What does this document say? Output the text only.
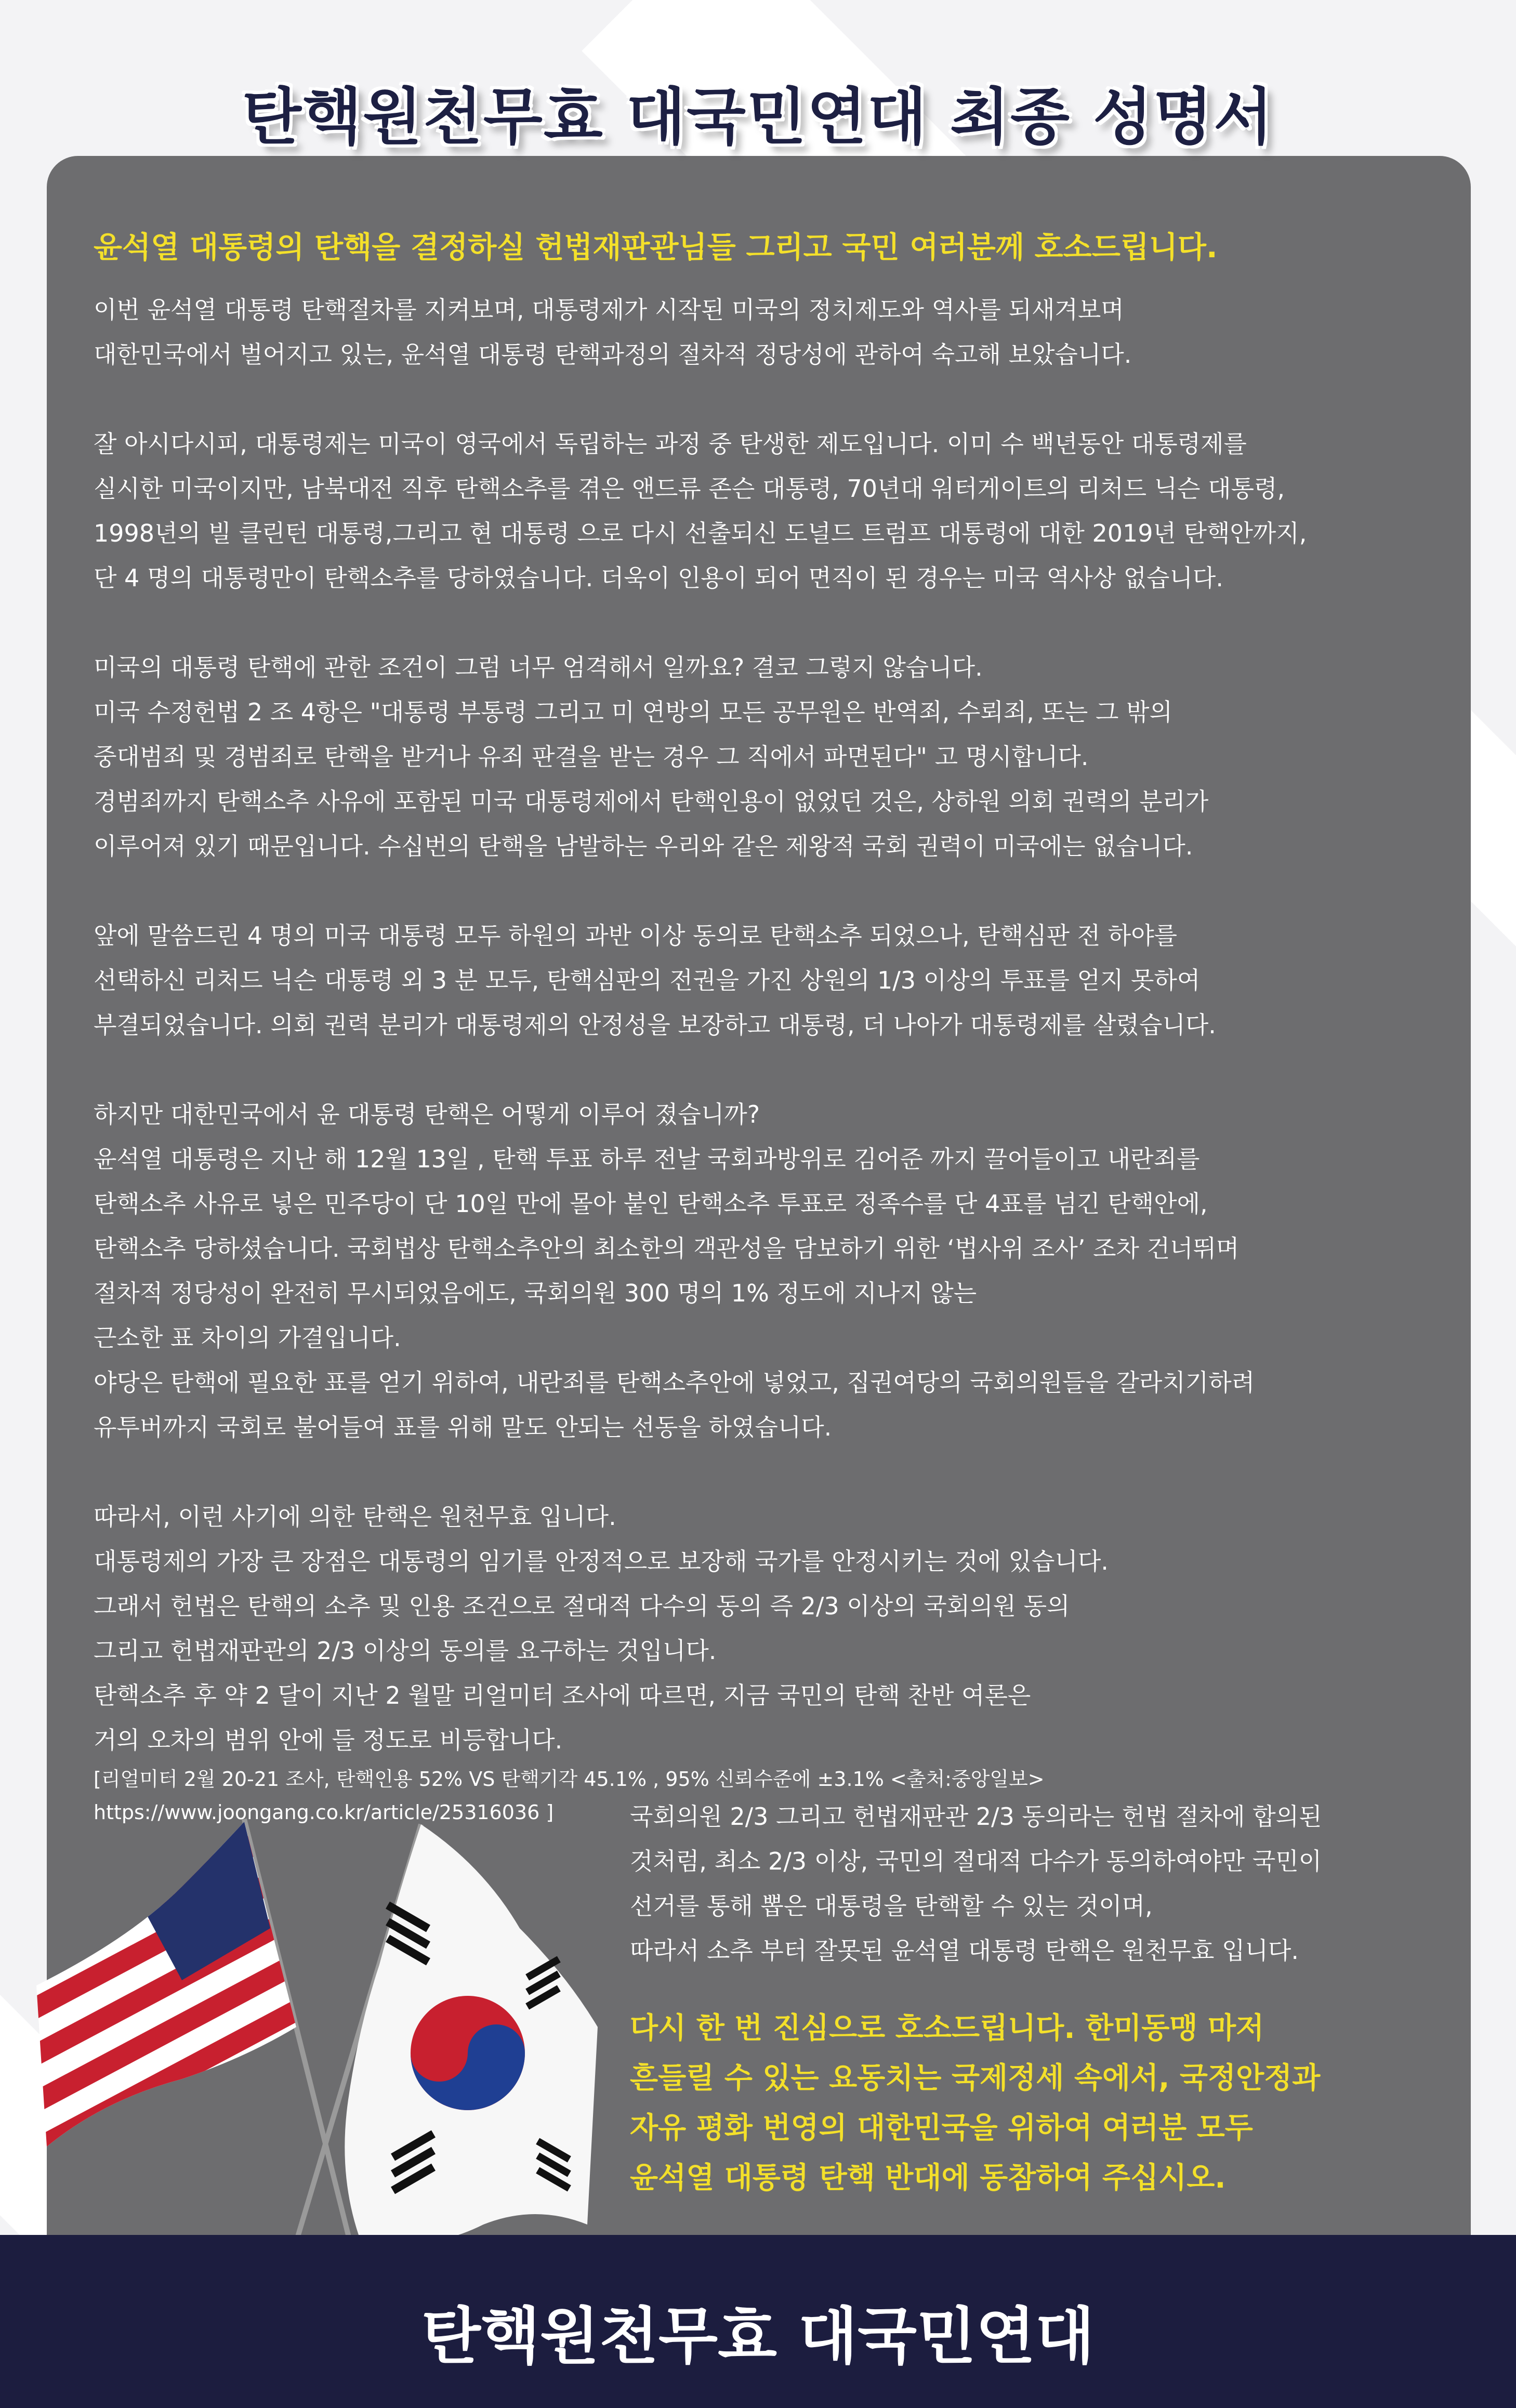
탄핵원천무효 대국민연대 최종 성명서
윤석열 대통령의 탄핵을 결정하실 헌법재판관님들 그리고 국민 여러분께 호소드립니다.

이번 윤석열 대통령 탄핵절차를 지켜보며, 대통령제가 시작된 미국의 정치제도와 역사를 되새겨보며
대한민국에서 벌어지고 있는, 윤석열 대통령 탄핵과정의 절차적 정당성에 관하여 숙고해 보았습니다.

잘 아시다시피, 대통령제는 미국이 영국에서 독립하는 과정 중 탄생한 제도입니다. 이미 수 백년동안 대통령제를
실시한 미국이지만, 남북대전 직후 탄핵소추를 겪은 앤드류 존슨 대통령, 70년대 워터게이트의 리처드 닉슨 대통령,
1998년의 빌 클린턴 대통령,그리고 현 대통령 으로 다시 선출되신 도널드 트럼프 대통령에 대한 2019년 탄핵안까지,
단 4 명의 대통령만이 탄핵소추를 당하였습니다. 더욱이 인용이 되어 면직이 된 경우는 미국 역사상 없습니다.

미국의 대통령 탄핵에 관한 조건이 그럼 너무 엄격해서 일까요? 결코 그렇지 않습니다.
미국 수정헌법 2 조 4항은 "대통령 부통령 그리고 미 연방의 모든 공무원은 반역죄, 수뢰죄, 또는 그 밖의
중대범죄 및 경범죄로 탄핵을 받거나 유죄 판결을 받는 경우 그 직에서 파면된다" 고 명시합니다.
경범죄까지 탄핵소추 사유에 포함된 미국 대통령제에서 탄핵인용이 없었던 것은, 상하원 의회 권력의 분리가
이루어져 있기 때문입니다. 수십번의 탄핵을 남발하는 우리와 같은 제왕적 국회 권력이 미국에는 없습니다.

앞에 말씀드린 4 명의 미국 대통령 모두 하원의 과반 이상 동의로 탄핵소추 되었으나, 탄핵심판 전 하야를
선택하신 리처드 닉슨 대통령 외 3 분 모두, 탄핵심판의 전권을 가진 상원의 1/3 이상의 투표를 얻지 못하여
부결되었습니다. 의회 권력 분리가 대통령제의 안정성을 보장하고 대통령, 더 나아가 대통령제를 살렸습니다.

하지만 대한민국에서 윤 대통령 탄핵은 어떻게 이루어 졌습니까?
윤석열 대통령은 지난 해 12월 13일 , 탄핵 투표 하루 전날 국회과방위로 김어준 까지 끌어들이고 내란죄를
탄핵소추 사유로 넣은 민주당이 단 10일 만에 몰아 붙인 탄핵소추 투표로 정족수를 단 4표를 넘긴 탄핵안에,
탄핵소추 당하셨습니다. 국회법상 탄핵소추안의 최소한의 객관성을 담보하기 위한 ‘법사위 조사’ 조차 건너뛰며
절차적 정당성이 완전히 무시되었음에도, 국회의원 300 명의 1% 정도에 지나지 않는
근소한 표 차이의 가결입니다.
야당은 탄핵에 필요한 표를 얻기 위하여, 내란죄를 탄핵소추안에 넣었고, 집권여당의 국회의원들을 갈라치기하려
유투버까지 국회로 불어들여 표를 위해 말도 안되는 선동을 하였습니다.

따라서, 이런 사기에 의한 탄핵은 원천무효 입니다.
대통령제의 가장 큰 장점은 대통령의 임기를 안정적으로 보장해 국가를 안정시키는 것에 있습니다.
그래서 헌법은 탄핵의 소추 및 인용 조건으로 절대적 다수의 동의 즉 2/3 이상의 국회의원 동의
그리고 헌법재판관의 2/3 이상의 동의를 요구하는 것입니다.
탄핵소추 후 약 2 달이 지난 2 월말 리얼미터 조사에 따르면, 지금 국민의 탄핵 찬반 여론은
거의 오차의 범위 안에 들 정도로 비등합니다.
[리얼미터 2월 20-21 조사, 탄핵인용 52% VS 탄핵기각 45.1% , 95% 신뢰수준에 ±3.1% <출처:중앙일보>
https://www.joongang.co.kr/article/25316036 ]	국회의원 2/3 그리고 헌법재판관 2/3 동의라는 헌법 절차에 합의된
것처럼, 최소 2/3 이상, 국민의 절대적 다수가 동의하여야만 국민이
선거를 통해 뽑은 대통령을 탄핵할 수 있는 것이며,
따라서 소추 부터 잘못된 윤석열 대통령 탄핵은 원천무효 입니다.
다시 한 번 진심으로 호소드립니다. 한미동맹 마저
흔들릴 수 있는 요동치는 국제정세 속에서, 국정안정과
자유 평화 번영의 대한민국을 위하여 여러분 모두
윤석열 대통령 탄핵 반대에 동참하여 주십시오.
탄핵원천무효 대국민연대
